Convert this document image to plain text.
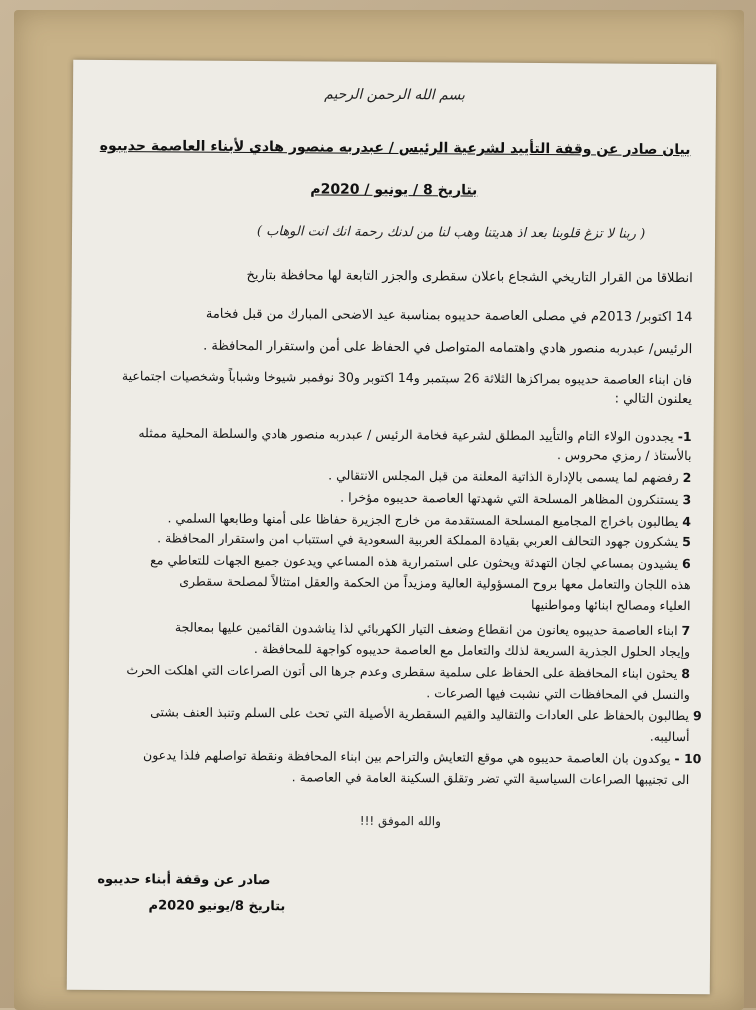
بسم الله الرحمن الرحيم
بيان صادر عن وقفة التأييد لشرعية الرئيس / عبدربه منصور هادي لأبناء العاصمة حديبوه
بتاريخ 8 / يونيو / 2020م
( ربنا لا تزغ قلوبنا بعد اذ هديتنا وهب لنا من لدنك رحمة انك انت الوهاب )
انطلاقا من القرار التاريخي الشجاع باعلان سقطرى والجزر التابعة لها محافظة بتاريخ
14 اكتوبر/ 2013م في مصلى العاصمة حديبوه بمناسبة عيد الاضحى المبارك من قبل فخامة
الرئيس/ عبدربه منصور هادي واهتمامه المتواصل في الحفاظ على أمن واستقرار المحافظة .
فان ابناء العاصمة حديبوه بمراكزها الثلاثة 26 سبتمبر و14 اكتوبر و30 نوفمبر شيوخا وشباباً وشخصيات اجتماعية
يعلنون التالي :
1- يجددون الولاء التام والتأييد المطلق لشرعية فخامة الرئيس / عبدربه منصور هادي والسلطة المحلية ممثله
بالأستاذ / رمزي محروس .
2 رفضهم لما يسمى بالإدارة الذاتية المعلنة من قبل المجلس الانتقالي .
3 يستنكرون المظاهر المسلحة التي شهدتها العاصمة حديبوه مؤخرا .
4 يطالبون باخراج المجاميع المسلحة المستقدمة من خارج الجزيرة حفاظا على أمنها وطابعها السلمي .
5 يشكرون جهود التحالف العربي بقيادة المملكة العربية السعودية في استتباب امن واستقرار المحافظة .
6 يشيدون بمساعي لجان التهدئة ويحثون على استمرارية هذه المساعي ويدعون جميع الجهات للتعاطي مع
هذه اللجان والتعامل معها بروح المسؤولية العالية ومزيداً من الحكمة والعقل امتثالاً لمصلحة سقطرى
العلياء ومصالح ابنائها ومواطنيها
7 ابناء العاصمة حديبوه يعانون من انقطاع وضعف التيار الكهربائي لذا يناشدون القائمين عليها بمعالجة
وإيجاد الحلول الجذرية السريعة لذلك والتعامل مع العاصمة حديبوه كواجهة للمحافظة .
8 يحثون ابناء المحافظة على الحفاظ على سلمية سقطرى وعدم جرها الى أتون الصراعات التي اهلكت الحرث
والنسل في المحافظات التي نشبت فيها الصرعات .
9 يطالبون بالحفاظ على العادات والتقاليد والقيم السقطرية الأصيلة التي تحث على السلم وتنبذ العنف بشتى
أساليبه.
10 - يوكدون بان العاصمة حديبوه هي موقع التعايش والتراحم بين ابناء المحافظة ونقطة تواصلهم فلذا يدعون
الى تجنيبها الصراعات السياسية التي تضر وتقلق السكينة العامة في العاصمة .
والله الموفق !!!
صادر عن وقفة أبناء حديبوه
بتاريخ 8/يونيو 2020م
